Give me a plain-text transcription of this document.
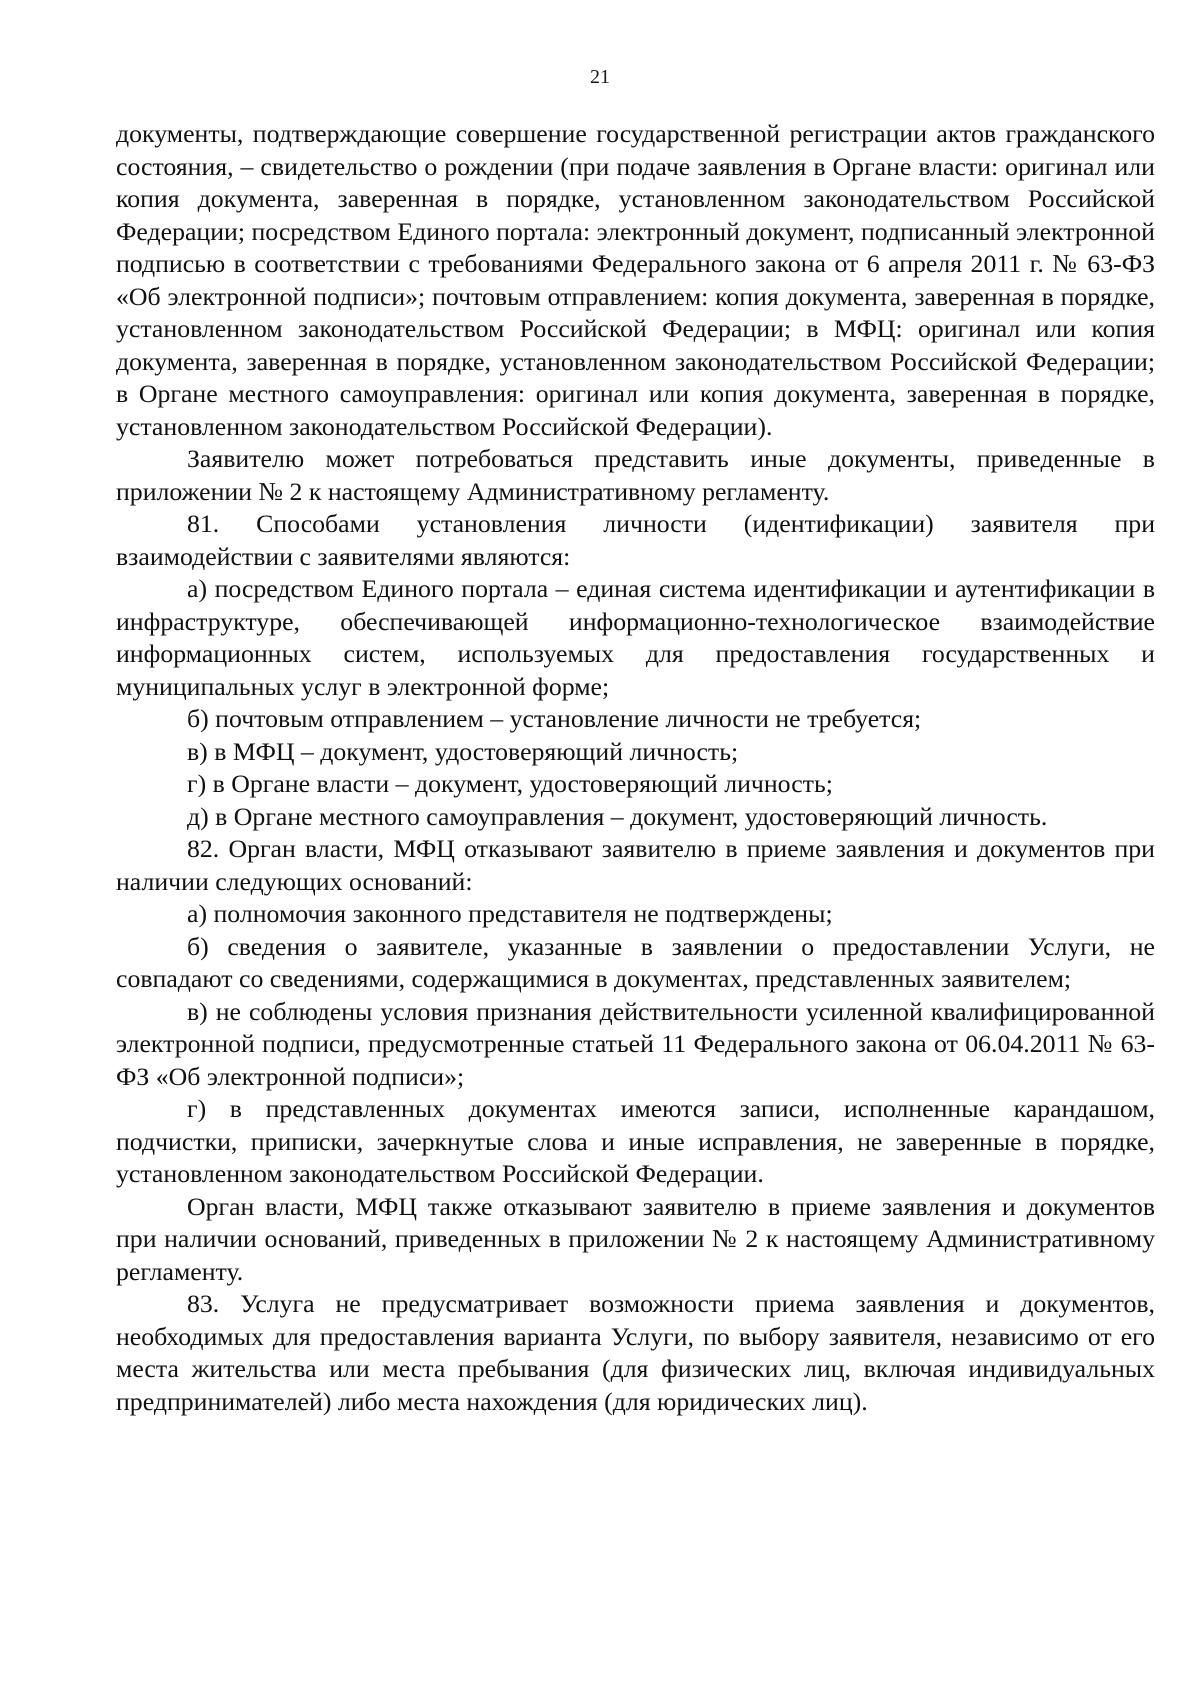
21

документы, подтверждающие совершение государственной регистрации актов гражданского состояния, – свидетельство о рождении (при подаче заявления в Органе власти: оригинал или копия документа, заверенная в порядке, установленном законодательством Российской Федерации; посредством Единого портала: электронный документ, подписанный электронной подписью в соответствии с требованиями Федерального закона от 6 апреля 2011 г. № 63-ФЗ «Об электронной подписи»; почтовым отправлением: копия документа, заверенная в порядке, установленном законодательством Российской Федерации; в МФЦ: оригинал или копия документа, заверенная в порядке, установленном законодательством Российской Федерации; в Органе местного самоуправления: оригинал или копия документа, заверенная в порядке, установленном законодательством Российской Федерации).

Заявителю может потребоваться представить иные документы, приведенные в приложении № 2 к настоящему Административному регламенту.

81. Способами установления личности (идентификации) заявителя при взаимодействии с заявителями являются:

а) посредством Единого портала – единая система идентификации и аутентификации в инфраструктуре, обеспечивающей информационно-технологическое взаимодействие информационных систем, используемых для предоставления государственных и муниципальных услуг в электронной форме;

б) почтовым отправлением – установление личности не требуется;

в) в МФЦ – документ, удостоверяющий личность;

г) в Органе власти – документ, удостоверяющий личность;

д) в Органе местного самоуправления – документ, удостоверяющий личность.

82. Орган власти, МФЦ отказывают заявителю в приеме заявления и документов при наличии следующих оснований:

а) полномочия законного представителя не подтверждены;

б) сведения о заявителе, указанные в заявлении о предоставлении Услуги, не совпадают со сведениями, содержащимися в документах, представленных заявителем;

в) не соблюдены условия признания действительности усиленной квалифицированной электронной подписи, предусмотренные статьей 11 Федерального закона от 06.04.2011 № 63-ФЗ «Об электронной подписи»;

г) в представленных документах имеются записи, исполненные карандашом, подчистки, приписки, зачеркнутые слова и иные исправления, не заверенные в порядке, установленном законодательством Российской Федерации.

Орган власти, МФЦ также отказывают заявителю в приеме заявления и документов при наличии оснований, приведенных в приложении № 2 к настоящему Административному регламенту.

83. Услуга не предусматривает возможности приема заявления и документов, необходимых для предоставления варианта Услуги, по выбору заявителя, независимо от его места жительства или места пребывания (для физических лиц, включая индивидуальных предпринимателей) либо места нахождения (для юридических лиц).
